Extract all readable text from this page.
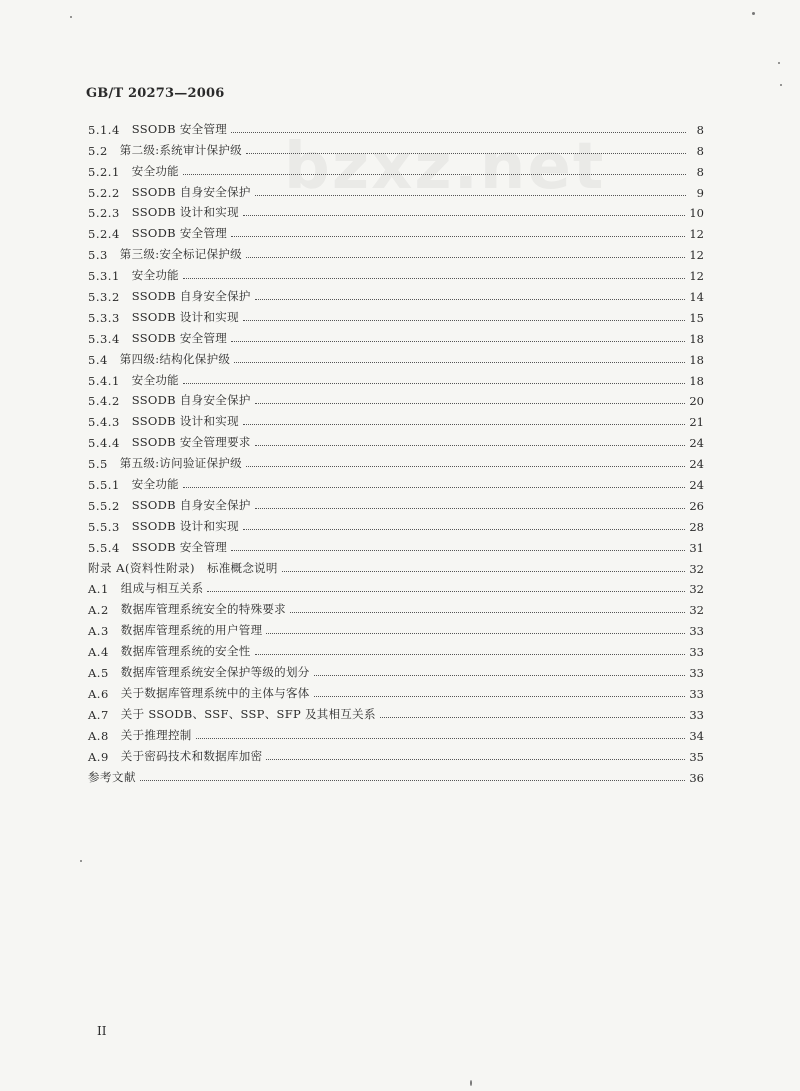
bzxz.net
GB/T 20273—2006
5.1.4 SSODB 安全管理	8
5.2 第二级:系统审计保护级	8
5.2.1 安全功能	8
5.2.2 SSODB 自身安全保护	9
5.2.3 SSODB 设计和实现	10
5.2.4 SSODB 安全管理	12
5.3 第三级:安全标记保护级	12
5.3.1 安全功能	12
5.3.2 SSODB 自身安全保护	14
5.3.3 SSODB 设计和实现	15
5.3.4 SSODB 安全管理	18
5.4 第四级:结构化保护级	18
5.4.1 安全功能	18
5.4.2 SSODB 自身安全保护	20
5.4.3 SSODB 设计和实现	21
5.4.4 SSODB 安全管理要求	24
5.5 第五级:访问验证保护级	24
5.5.1 安全功能	24
5.5.2 SSODB 自身安全保护	26
5.5.3 SSODB 设计和实现	28
5.5.4 SSODB 安全管理	31
附录 A(资料性附录) 标准概念说明	32
A.1 组成与相互关系	32
A.2 数据库管理系统安全的特殊要求	32
A.3 数据库管理系统的用户管理	33
A.4 数据库管理系统的安全性	33
A.5 数据库管理系统安全保护等级的划分	33
A.6 关于数据库管理系统中的主体与客体	33
A.7 关于 SSODB、SSF、SSP、SFP 及其相互关系	33
A.8 关于推理控制	34
A.9 关于密码技术和数据库加密	35
参考文献	36
II
